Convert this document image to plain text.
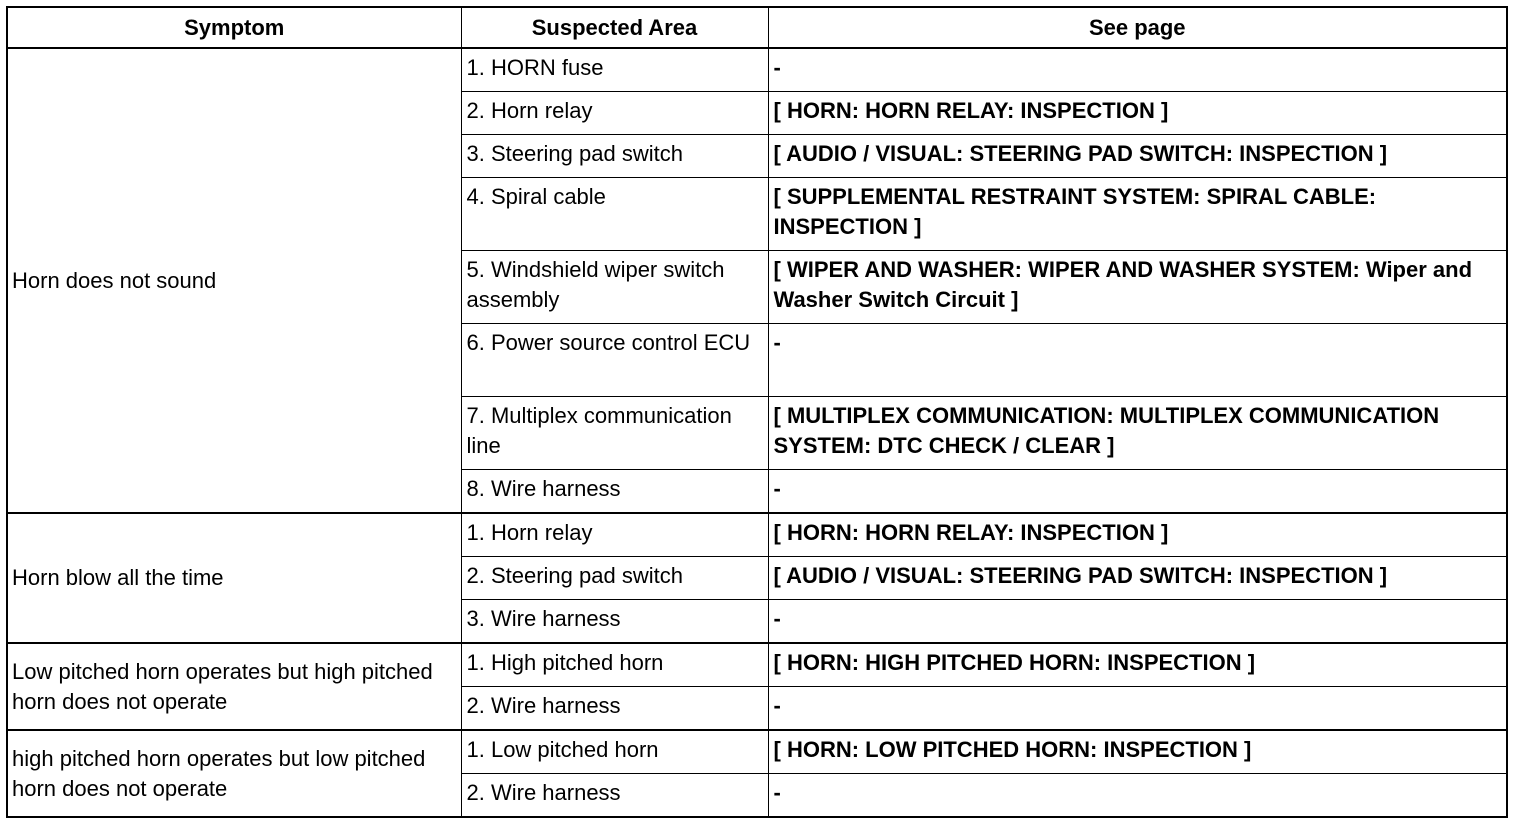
Symptom	Suspected Area	See page
Horn does not sound	1. HORN fuse	-
	2. Horn relay	[ HORN: HORN RELAY: INSPECTION ]
	3. Steering pad switch	[ AUDIO / VISUAL: STEERING PAD SWITCH: INSPECTION ]
	4. Spiral cable	[ SUPPLEMENTAL RESTRAINT SYSTEM: SPIRAL CABLE: INSPECTION ]
	5. Windshield wiper switch assembly	[ WIPER AND WASHER: WIPER AND WASHER SYSTEM: Wiper and Washer Switch Circuit ]
	6. Power source control ECU	-
	7. Multiplex communication line	[ MULTIPLEX COMMUNICATION: MULTIPLEX COMMUNICATION SYSTEM: DTC CHECK / CLEAR ]
	8. Wire harness	-
Horn blow all the time	1. Horn relay	[ HORN: HORN RELAY: INSPECTION ]
	2. Steering pad switch	[ AUDIO / VISUAL: STEERING PAD SWITCH: INSPECTION ]
	3. Wire harness	-
Low pitched horn operates but high pitched horn does not operate	1. High pitched horn	[ HORN: HIGH PITCHED HORN: INSPECTION ]
	2. Wire harness	-
high pitched horn operates but low pitched horn does not operate	1. Low pitched horn	[ HORN: LOW PITCHED HORN: INSPECTION ]
	2. Wire harness	-
